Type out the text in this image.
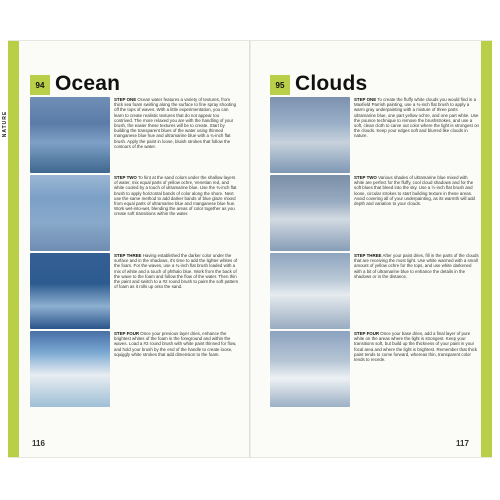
NATURE
94 Ocean
STEP ONE Ocean water features a variety of textures, from thick sea foam swirling along the surface to fine spray shooting off the tops of waves. With a little experimentation, you can learn to create realistic textures that do not appear too contrived. The more relaxed you are with the handling of your brush, the easier these textures will be to create. Start by building the transparent blues of the water using thinned manganese blue hue and ultramarine blue with a ¾-inch flat brush. Apply the paint in loose, bluish strokes that follow the contours of the water.
STEP TWO To hint at the sand colors under the shallow layers of water, mix equal parts of yellow ochre, Venetian red, and white cooled by a touch of ultramarine blue. Use the ¾-inch flat brush to apply horizontal bands of color along the shore. Next use the same method to add darker bands of blue glaze mixed from equal parts of ultramarine blue and manganese blue hue. Work wet-into-wet, blending the areas of color together as you create soft transitions within the water.
STEP THREE Having established the darker color under the surface and in the shadows, it's time to add the lighter whites of the foam. For the waves, use a ¾-inch flat brush loaded with a mix of white and a touch of phthalo blue. Work from the back of the wave to the foam and follow the flow of the water. Then thin the paint and switch to a #2 round brush to paint the soft pattern of foam as it rolls up onto the sand.
STEP FOUR Once your previous layer dries, enhance the brightest whites of the foam in the foreground and within the waves. Load a #2 round brush with white paint thinned for flow, and hold your brush by the end of the handle to create loose, squiggly white strokes that add dimension to the foam.
116
95 Clouds
STEP ONE To create the fluffy white clouds you would find in a Maxfield Parrish painting, use a ¾-inch flat brush to apply a warm gray underpainting with a mixture of three parts ultramarine blue, one part yellow ochre, and one part white. Use the pounce technique to remove the brushstrokes, and use a soft, clean cloth to carve out color where the light is strongest on the clouds. Keep your edges soft and blurred like clouds in nature.
STEP TWO Various shades of ultramarine blue mixed with white are perfect for the fluffy, cool cloud shadows and for the soft blues that bleed into the sky. Use a ½-inch flat brush and loose, circular strokes to start building texture in these areas. Avoid covering all of your underpainting, as its warmth will add depth and variation to your clouds.
STEP THREE After your paint dries, fill in the parts of the clouds that are receiving the most light. Use white warmed with a small amount of yellow ochre for the tops, and use white darkened with a bit of ultramarine blue to enhance the details in the shadows or in the distance.
STEP FOUR Once your base dries, add a final layer of pure white on the areas where the light is strongest. Keep your transitions soft, but build up the thickness of your paint in your focal area and where the light is brightest. Remember that thick paint tends to come forward, whereas thin, transparent color tends to recede.
117
